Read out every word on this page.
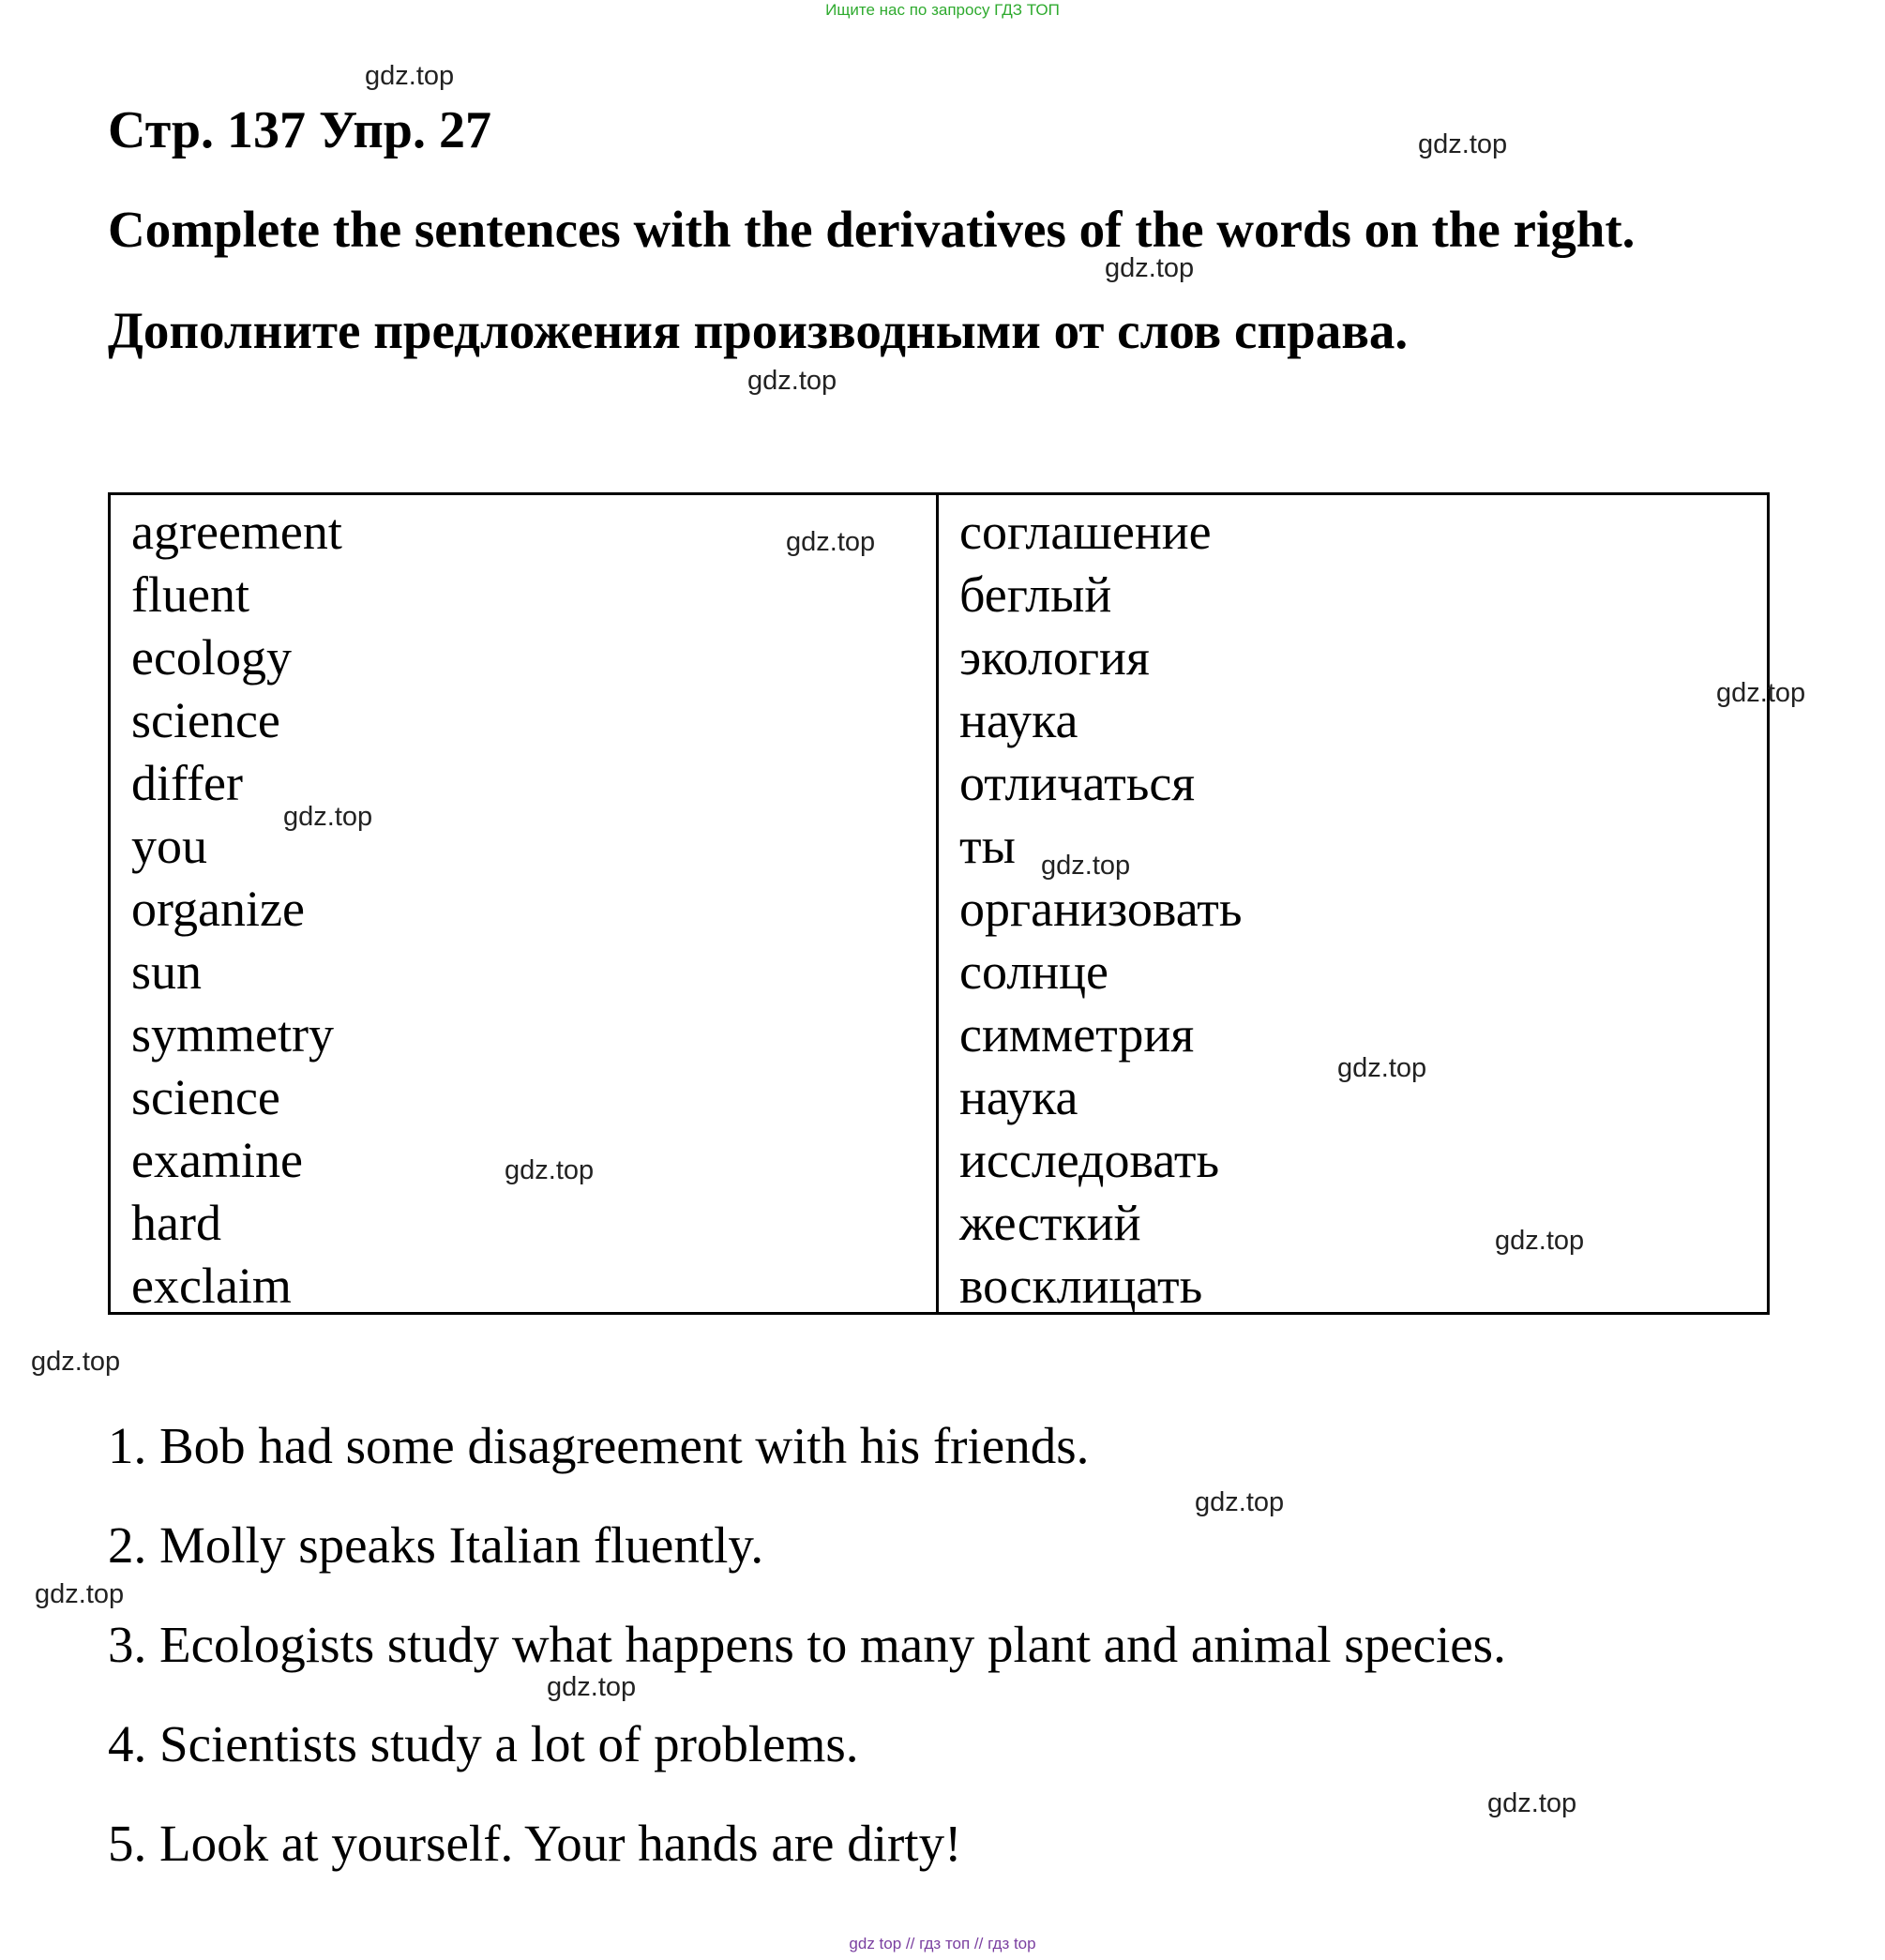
Ищите нас по запросу ГДЗ ТОП
Стр. 137 Упр. 27
Complete the sentences with the derivatives of the words on the right.
Дополните предложения производными от слов справа.
agreement
fluent
ecology
science
differ
you
organize
sun
symmetry
science
examine
hard
exclaim
соглашение
беглый
экология
наука
отличаться
ты
организовать
солнце
симметрия
наука
исследовать
жесткий
восклицать
1. Bob had some disagreement with his friends.
2. Molly speaks Italian fluently.
3. Ecologists study what happens to many plant and animal species.
4. Scientists study a lot of problems.
5. Look at yourself. Your hands are dirty!
gdz.top
gdz.top
gdz.top
gdz.top
gdz.top
gdz.top
gdz.top
gdz.top
gdz.top
gdz.top
gdz.top
gdz.top
gdz.top
gdz.top
gdz.top
gdz.top
gdz top // гдз топ // гдз top
